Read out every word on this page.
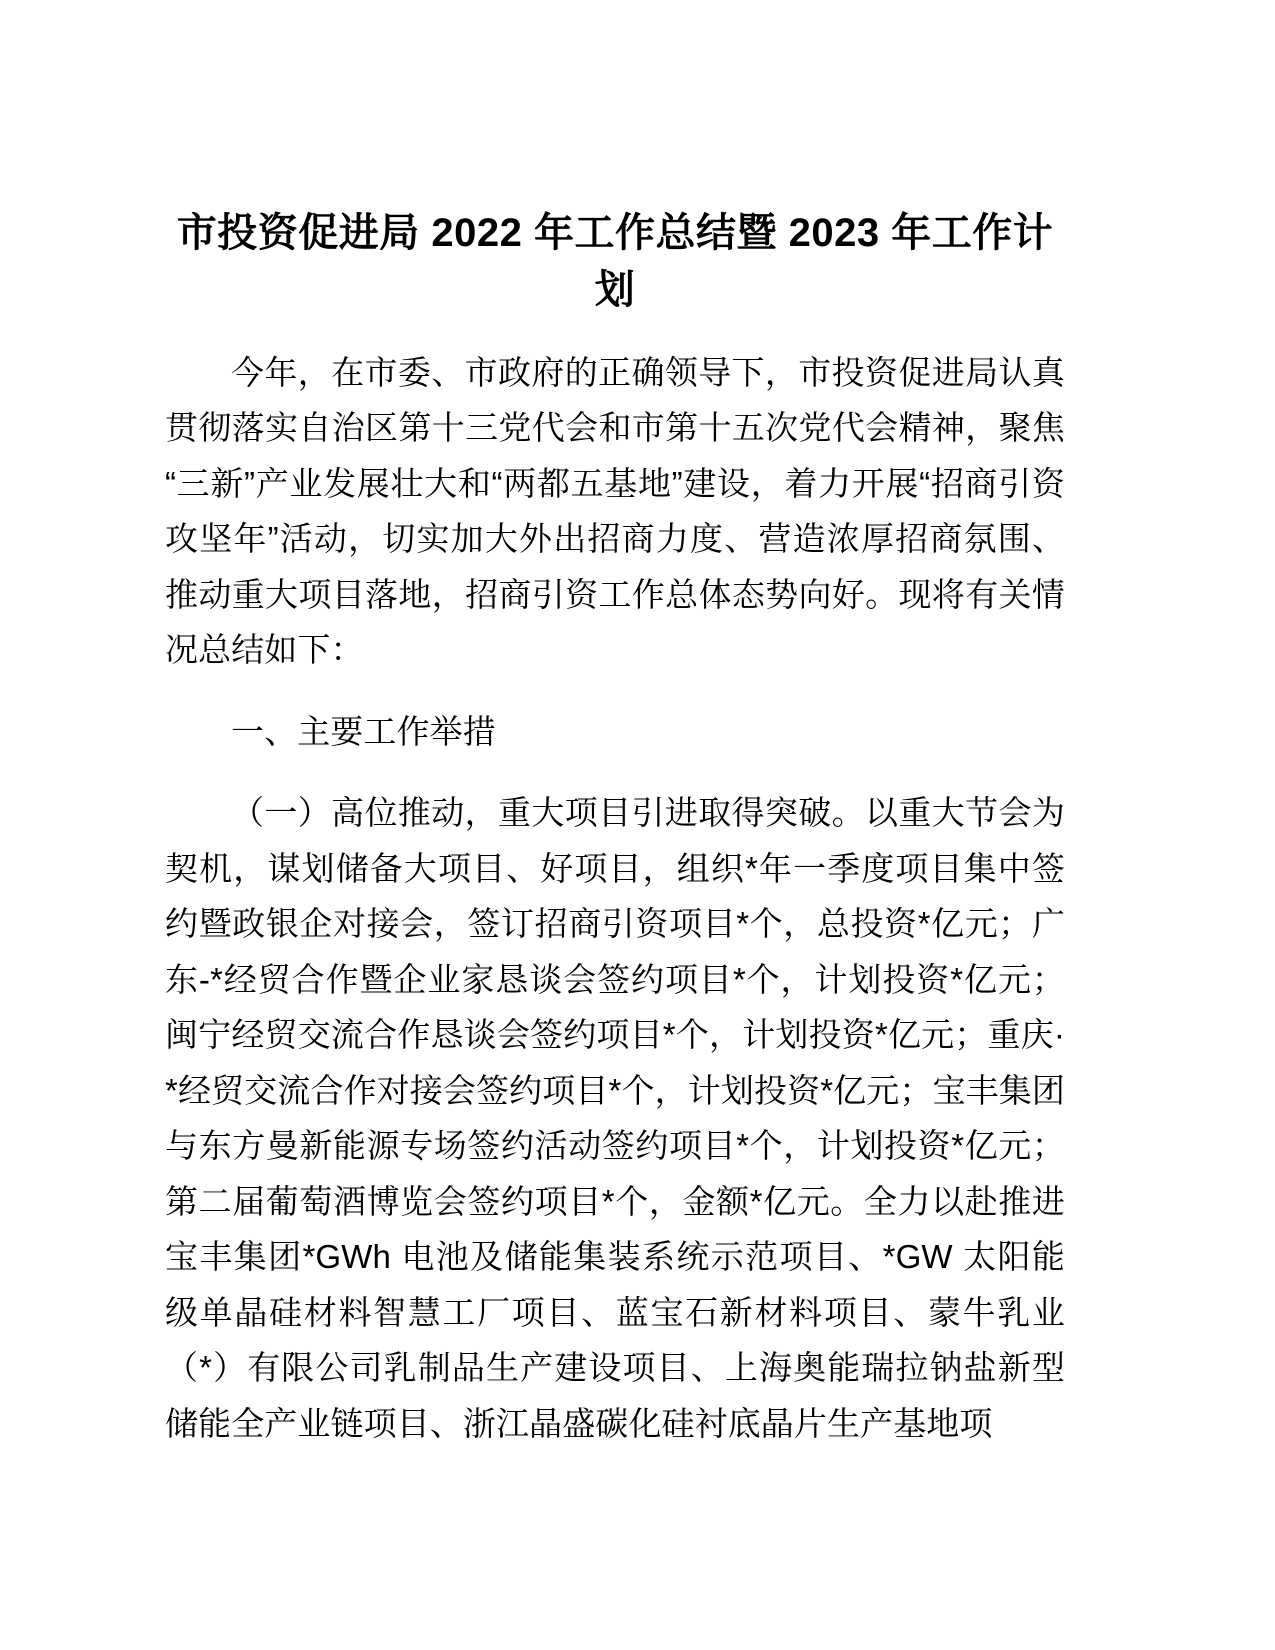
市投资促进局 2022 年工作总结暨 2023 年工作计划

今年，在市委、市政府的正确领导下，市投资促进局认真贯彻落实自治区第十三党代会和市第十五次党代会精神，聚焦“三新”产业发展壮大和“两都五基地”建设，着力开展“招商引资攻坚年”活动，切实加大外出招商力度、营造浓厚招商氛围、推动重大项目落地，招商引资工作总体态势向好。现将有关情况总结如下：

一、主要工作举措

（一）高位推动，重大项目引进取得突破。以重大节会为契机，谋划储备大项目、好项目，组织*年一季度项目集中签约暨政银企对接会，签订招商引资项目*个，总投资*亿元；广东-*经贸合作暨企业家恳谈会签约项目*个，计划投资*亿元；闽宁经贸交流合作恳谈会签约项目*个，计划投资*亿元；重庆·*经贸交流合作对接会签约项目*个，计划投资*亿元；宝丰集团与东方曼新能源专场签约活动签约项目*个，计划投资*亿元；第二届葡萄酒博览会签约项目*个，金额*亿元。全力以赴推进宝丰集团*GWh 电池及储能集装系统示范项目、*GW 太阳能级单晶硅材料智慧工厂项目、蓝宝石新材料项目、蒙牛乳业（*）有限公司乳制品生产建设项目、上海奥能瑞拉钠盐新型储能全产业链项目、浙江晶盛碳化硅衬底晶片生产基地项
